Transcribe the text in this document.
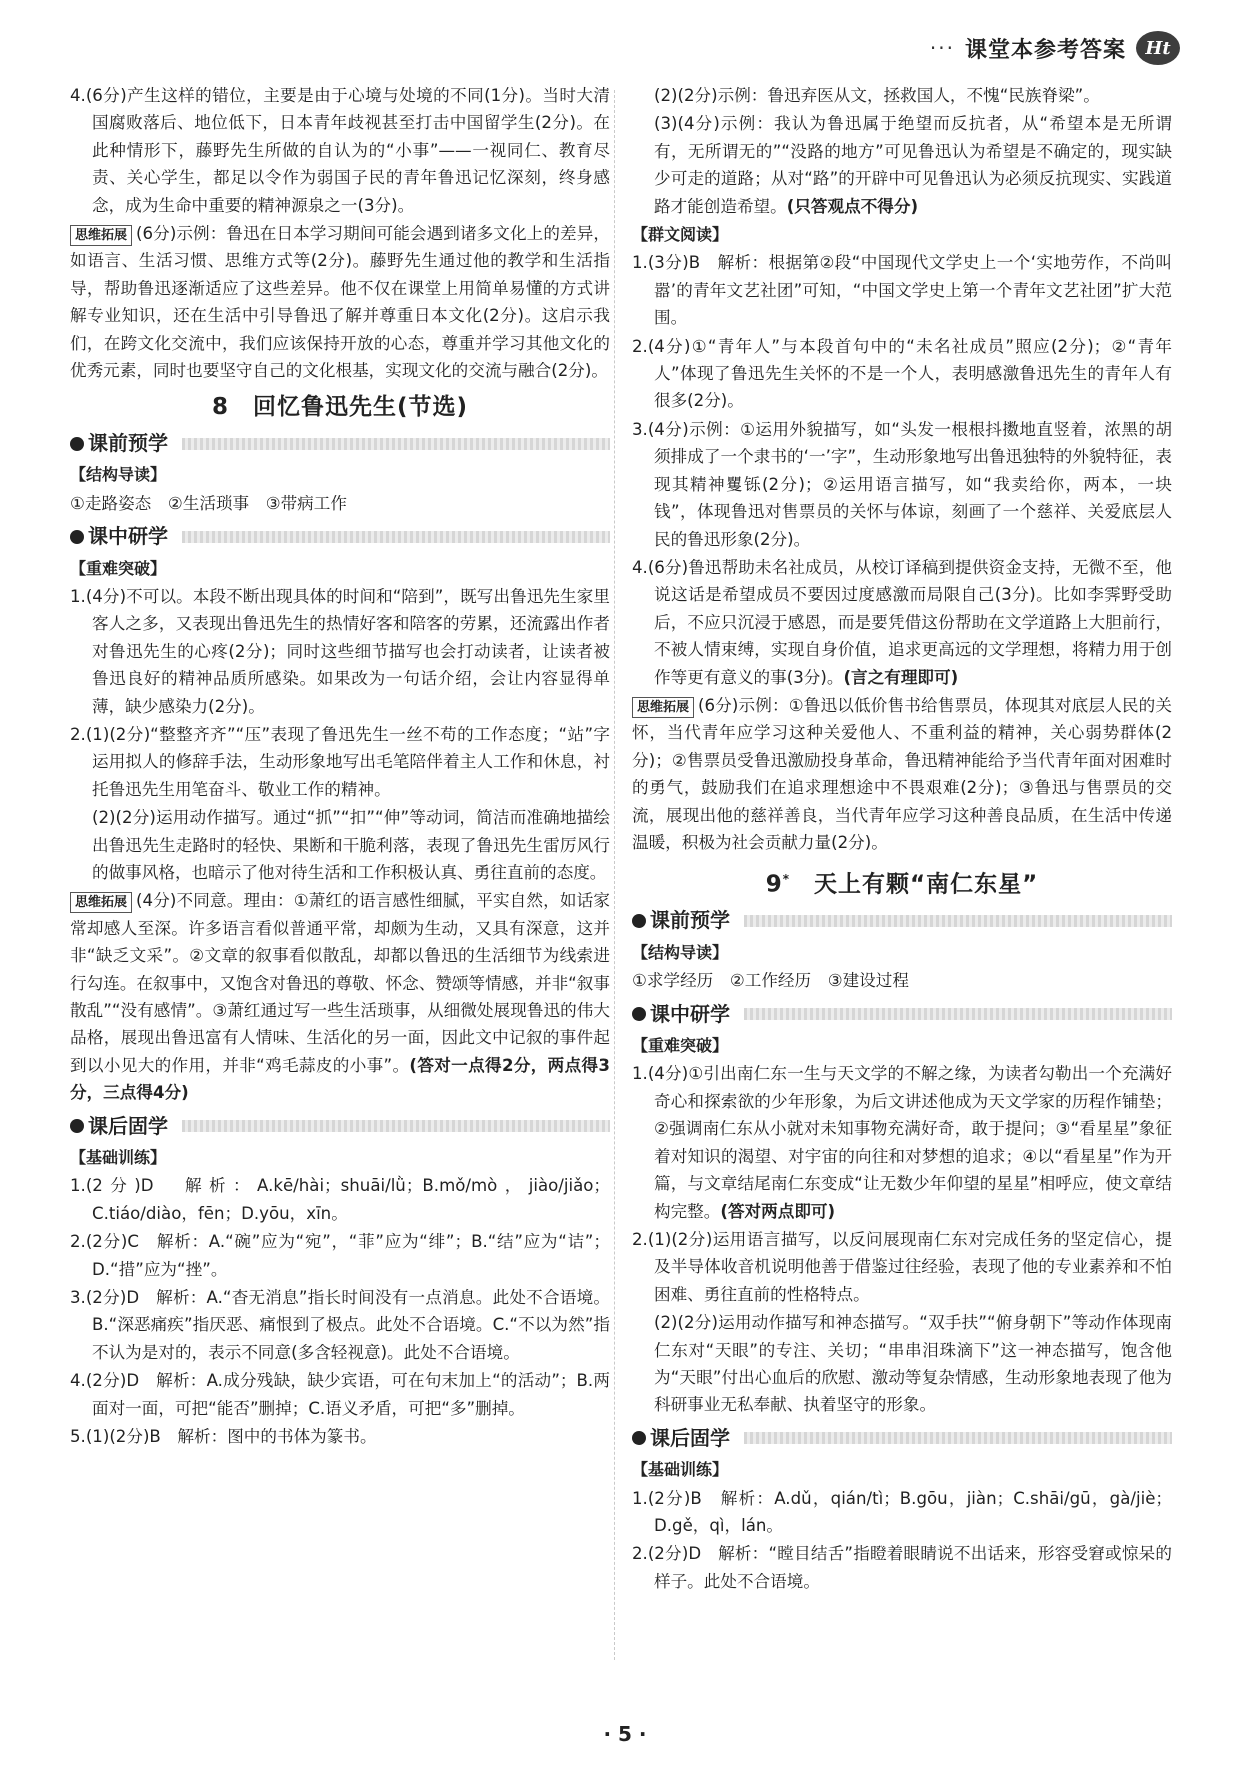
··· 课堂本参考答案	Ht

4.(6分)产生这样的错位，主要是由于心境与处境的不同(1分)。当时大清国腐败落后、地位低下，日本青年歧视甚至打击中国留学生(2分)。在此种情形下，藤野先生所做的自认为的“小事”——一视同仁、教育尽责、关心学生，都足以令作为弱国子民的青年鲁迅记忆深刻，终身感念，成为生命中重要的精神源泉之一(3分)。

思维拓展 (6分)示例：鲁迅在日本学习期间可能会遇到诸多文化上的差异，如语言、生活习惯、思维方式等(2分)。藤野先生通过他的教学和生活指导，帮助鲁迅逐渐适应了这些差异。他不仅在课堂上用简单易懂的方式讲解专业知识，还在生活中引导鲁迅了解并尊重日本文化(2分)。这启示我们，在跨文化交流中，我们应该保持开放的心态，尊重并学习其他文化的优秀元素，同时也要坚守自己的文化根基，实现文化的交流与融合(2分)。

8　回忆鲁迅先生(节选)
课前预学
【结构导读】

①走路姿态　②生活琐事　③带病工作

课中研学
【重难突破】

1.(4分)不可以。本段不断出现具体的时间和“陪到”，既写出鲁迅先生家里客人之多，又表现出鲁迅先生的热情好客和陪客的劳累，还流露出作者对鲁迅先生的心疼(2分)；同时这些细节描写也会打动读者，让读者被鲁迅良好的精神品质所感染。如果改为一句话介绍，会让内容显得单薄，缺少感染力(2分)。

2.(1)(2分)“整整齐齐”“压”表现了鲁迅先生一丝不苟的工作态度；“站”字运用拟人的修辞手法，生动形象地写出毛笔陪伴着主人工作和休息，衬托鲁迅先生用笔奋斗、敬业工作的精神。

(2)(2分)运用动作描写。通过“抓”“扣”“伸”等动词，简洁而准确地描绘出鲁迅先生走路时的轻快、果断和干脆利落，表现了鲁迅先生雷厉风行的做事风格，也暗示了他对待生活和工作积极认真、勇往直前的态度。

思维拓展 (4分)不同意。理由：①萧红的语言感性细腻，平实自然，如话家常却感人至深。许多语言看似普通平常，却颇为生动，又具有深意，这并非“缺乏文采”。②文章的叙事看似散乱，却都以鲁迅的生活细节为线索进行勾连。在叙事中，又饱含对鲁迅的尊敬、怀念、赞颂等情感，并非“叙事散乱”“没有感情”。③萧红通过写一些生活琐事，从细微处展现鲁迅的伟大品格，展现出鲁迅富有人情味、生活化的另一面，因此文中记叙的事件起到以小见大的作用，并非“鸡毛蒜皮的小事”。(答对一点得2分，两点得3分，三点得4分)

课后固学
【基础训练】

1.(2分)D　解析：A.kē/hài；shuāi/lǜ；B.mǒ/mò，jiào/jiǎo；C.tiáo/diào，fēn；D.yōu，xīn。

2.(2分)C　解析：A.“碗”应为“宛”，“菲”应为“绯”；B.“结”应为“诘”；D.“措”应为“挫”。

3.(2分)D　解析：A.“杳无消息”指长时间没有一点消息。此处不合语境。B.“深恶痛疾”指厌恶、痛恨到了极点。此处不合语境。C.“不以为然”指不认为是对的，表示不同意(多含轻视意)。此处不合语境。

4.(2分)D　解析：A.成分残缺，缺少宾语，可在句末加上“的活动”；B.两面对一面，可把“能否”删掉；C.语义矛盾，可把“多”删掉。

5.(1)(2分)B　解析：图中的书体为篆书。

(2)(2分)示例：鲁迅弃医从文，拯救国人，不愧“民族脊梁”。

(3)(4分)示例：我认为鲁迅属于绝望而反抗者，从“希望本是无所谓有，无所谓无的”“没路的地方”可见鲁迅认为希望是不确定的，现实缺少可走的道路；从对“路”的开辟中可见鲁迅认为必须反抗现实、实践道路才能创造希望。(只答观点不得分)

【群文阅读】

1.(3分)B　解析：根据第②段“中国现代文学史上一个‘实地劳作，不尚叫嚣’的青年文艺社团”可知，“中国文学史上第一个青年文艺社团”扩大范围。

2.(4分)①“青年人”与本段首句中的“未名社成员”照应(2分)；②“青年人”体现了鲁迅先生关怀的不是一个人，表明感激鲁迅先生的青年人有很多(2分)。

3.(4分)示例：①运用外貌描写，如“头发一根根抖擞地直竖着，浓黑的胡须排成了一个隶书的‘一’字”，生动形象地写出鲁迅独特的外貌特征，表现其精神矍铄(2分)；②运用语言描写，如“我卖给你，两本，一块钱”，体现鲁迅对售票员的关怀与体谅，刻画了一个慈祥、关爱底层人民的鲁迅形象(2分)。

4.(6分)鲁迅帮助未名社成员，从校订译稿到提供资金支持，无微不至，他说这话是希望成员不要因过度感激而局限自己(3分)。比如李霁野受助后，不应只沉浸于感恩，而是要凭借这份帮助在文学道路上大胆前行，不被人情束缚，实现自身价值，追求更高远的文学理想，将精力用于创作等更有意义的事(3分)。(言之有理即可)

思维拓展 (6分)示例：①鲁迅以低价售书给售票员，体现其对底层人民的关怀，当代青年应学习这种关爱他人、不重利益的精神，关心弱势群体(2分)；②售票员受鲁迅激励投身革命，鲁迅精神能给予当代青年面对困难时的勇气，鼓励我们在追求理想途中不畏艰难(2分)；③鲁迅与售票员的交流，展现出他的慈祥善良，当代青年应学习这种善良品质，在生活中传递温暖，积极为社会贡献力量(2分)。

9*　 天上有颗“南仁东星”
课前预学
【结构导读】

①求学经历　②工作经历　③建设过程

课中研学
【重难突破】

1.(4分)①引出南仁东一生与天文学的不解之缘，为读者勾勒出一个充满好奇心和探索欲的少年形象，为后文讲述他成为天文学家的历程作铺垫；②强调南仁东从小就对未知事物充满好奇，敢于提问；③“看星星”象征着对知识的渴望、对宇宙的向往和对梦想的追求；④以“看星星”作为开篇，与文章结尾南仁东变成“让无数少年仰望的星星”相呼应，使文章结构完整。(答对两点即可)

2.(1)(2分)运用语言描写，以反问展现南仁东对完成任务的坚定信心，提及半导体收音机说明他善于借鉴过往经验，表现了他的专业素养和不怕困难、勇往直前的性格特点。

(2)(2分)运用动作描写和神态描写。“双手扶”“俯身朝下”等动作体现南仁东对“天眼”的专注、关切；“串串泪珠滴下”这一神态描写，饱含他为“天眼”付出心血后的欣慰、激动等复杂情感，生动形象地表现了他为科研事业无私奉献、执着坚守的形象。

课后固学
【基础训练】

1.(2分)B　解析：A.dǔ，qián/tì；B.gōu，jiàn；C.shāi/gū，gà/jiè；D.gě，qì，lán。

2.(2分)D　解析：“瞠目结舌”指瞪着眼睛说不出话来，形容受窘或惊呆的样子。此处不合语境。

· 5 ·
